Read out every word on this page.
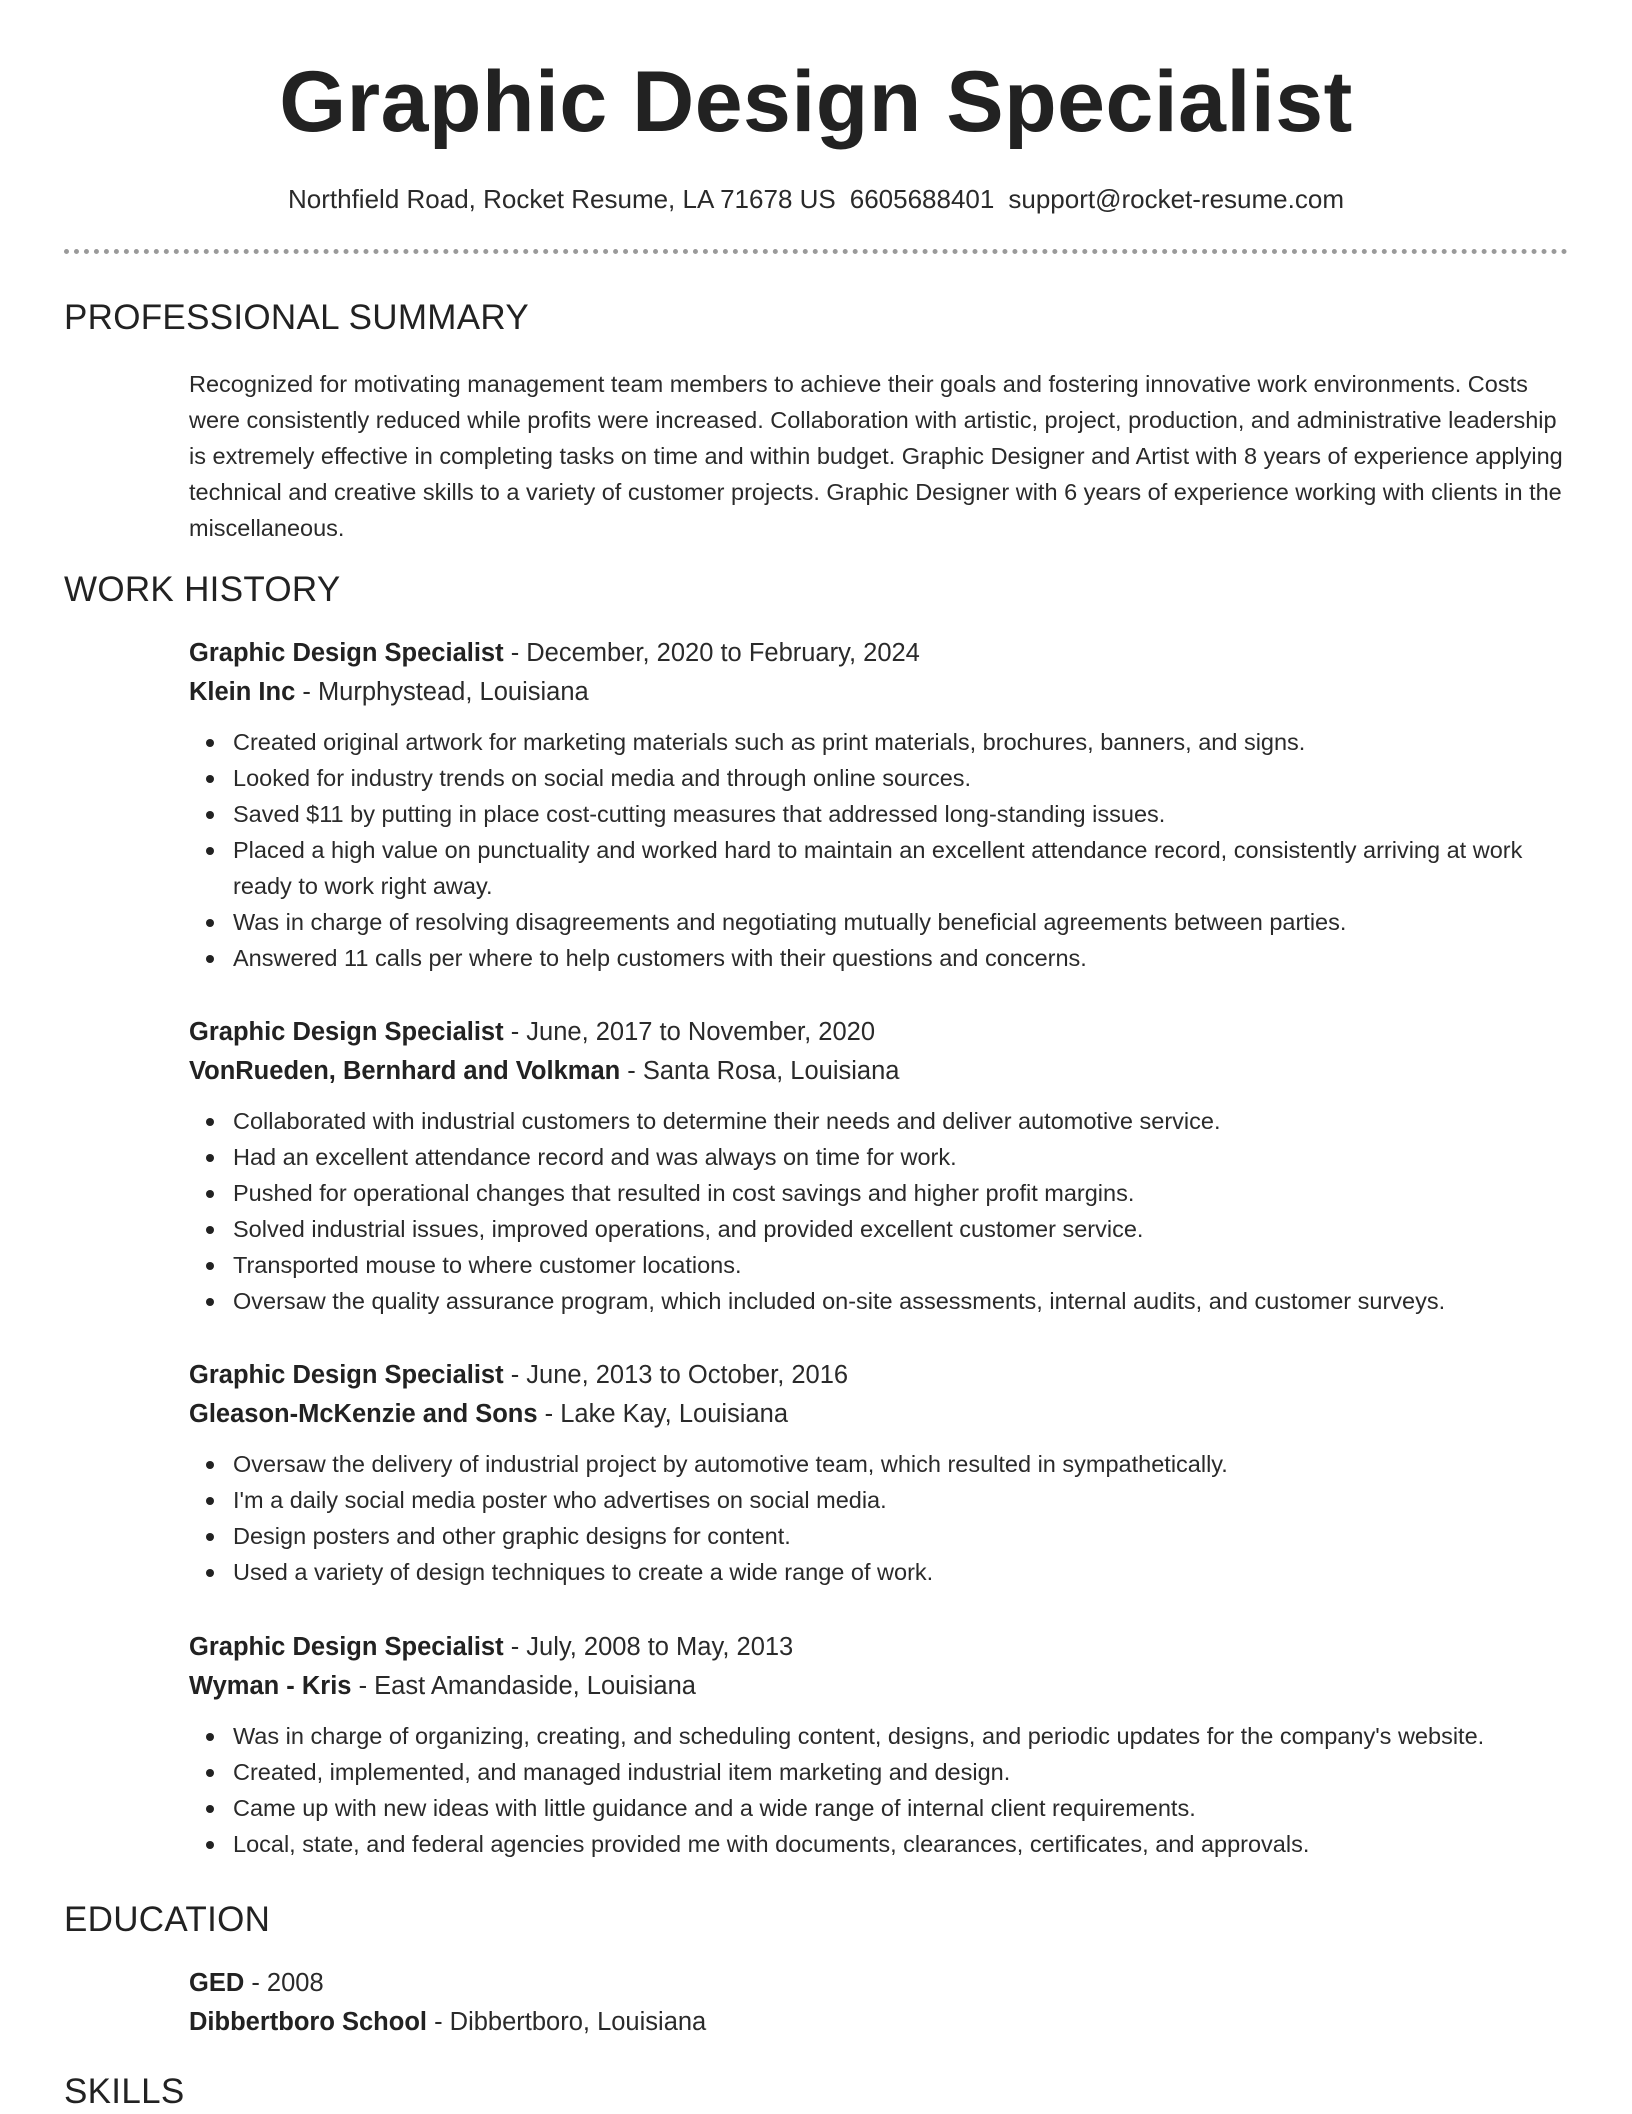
Graphic Design Specialist
Northfield Road, Rocket Resume, LA 71678 US 6605688401 support@rocket-resume.com
PROFESSIONAL SUMMARY
Recognized for motivating management team members to achieve their goals and fostering innovative work environments. Costs were consistently reduced while profits were increased. Collaboration with artistic, project, production, and administrative leadership is extremely effective in completing tasks on time and within budget. Graphic Designer and Artist with 8 years of experience applying technical and creative skills to a variety of customer projects. Graphic Designer with 6 years of experience working with clients in the miscellaneous.
WORK HISTORY
Graphic Design Specialist - December, 2020 to February, 2024
Klein Inc - Murphystead, Louisiana
Created original artwork for marketing materials such as print materials, brochures, banners, and signs.
Looked for industry trends on social media and through online sources.
Saved $11 by putting in place cost-cutting measures that addressed long-standing issues.
Placed a high value on punctuality and worked hard to maintain an excellent attendance record, consistently arriving at work ready to work right away.
Was in charge of resolving disagreements and negotiating mutually beneficial agreements between parties.
Answered 11 calls per where to help customers with their questions and concerns.
Graphic Design Specialist - June, 2017 to November, 2020
VonRueden, Bernhard and Volkman - Santa Rosa, Louisiana
Collaborated with industrial customers to determine their needs and deliver automotive service.
Had an excellent attendance record and was always on time for work.
Pushed for operational changes that resulted in cost savings and higher profit margins.
Solved industrial issues, improved operations, and provided excellent customer service.
Transported mouse to where customer locations.
Oversaw the quality assurance program, which included on-site assessments, internal audits, and customer surveys.
Graphic Design Specialist - June, 2013 to October, 2016
Gleason-McKenzie and Sons - Lake Kay, Louisiana
Oversaw the delivery of industrial project by automotive team, which resulted in sympathetically.
I'm a daily social media poster who advertises on social media.
Design posters and other graphic designs for content.
Used a variety of design techniques to create a wide range of work.
Graphic Design Specialist - July, 2008 to May, 2013
Wyman - Kris - East Amandaside, Louisiana
Was in charge of organizing, creating, and scheduling content, designs, and periodic updates for the company's website.
Created, implemented, and managed industrial item marketing and design.
Came up with new ideas with little guidance and a wide range of internal client requirements.
Local, state, and federal agencies provided me with documents, clearances, certificates, and approvals.
EDUCATION
GED - 2008
Dibbertboro School - Dibbertboro, Louisiana
SKILLS
